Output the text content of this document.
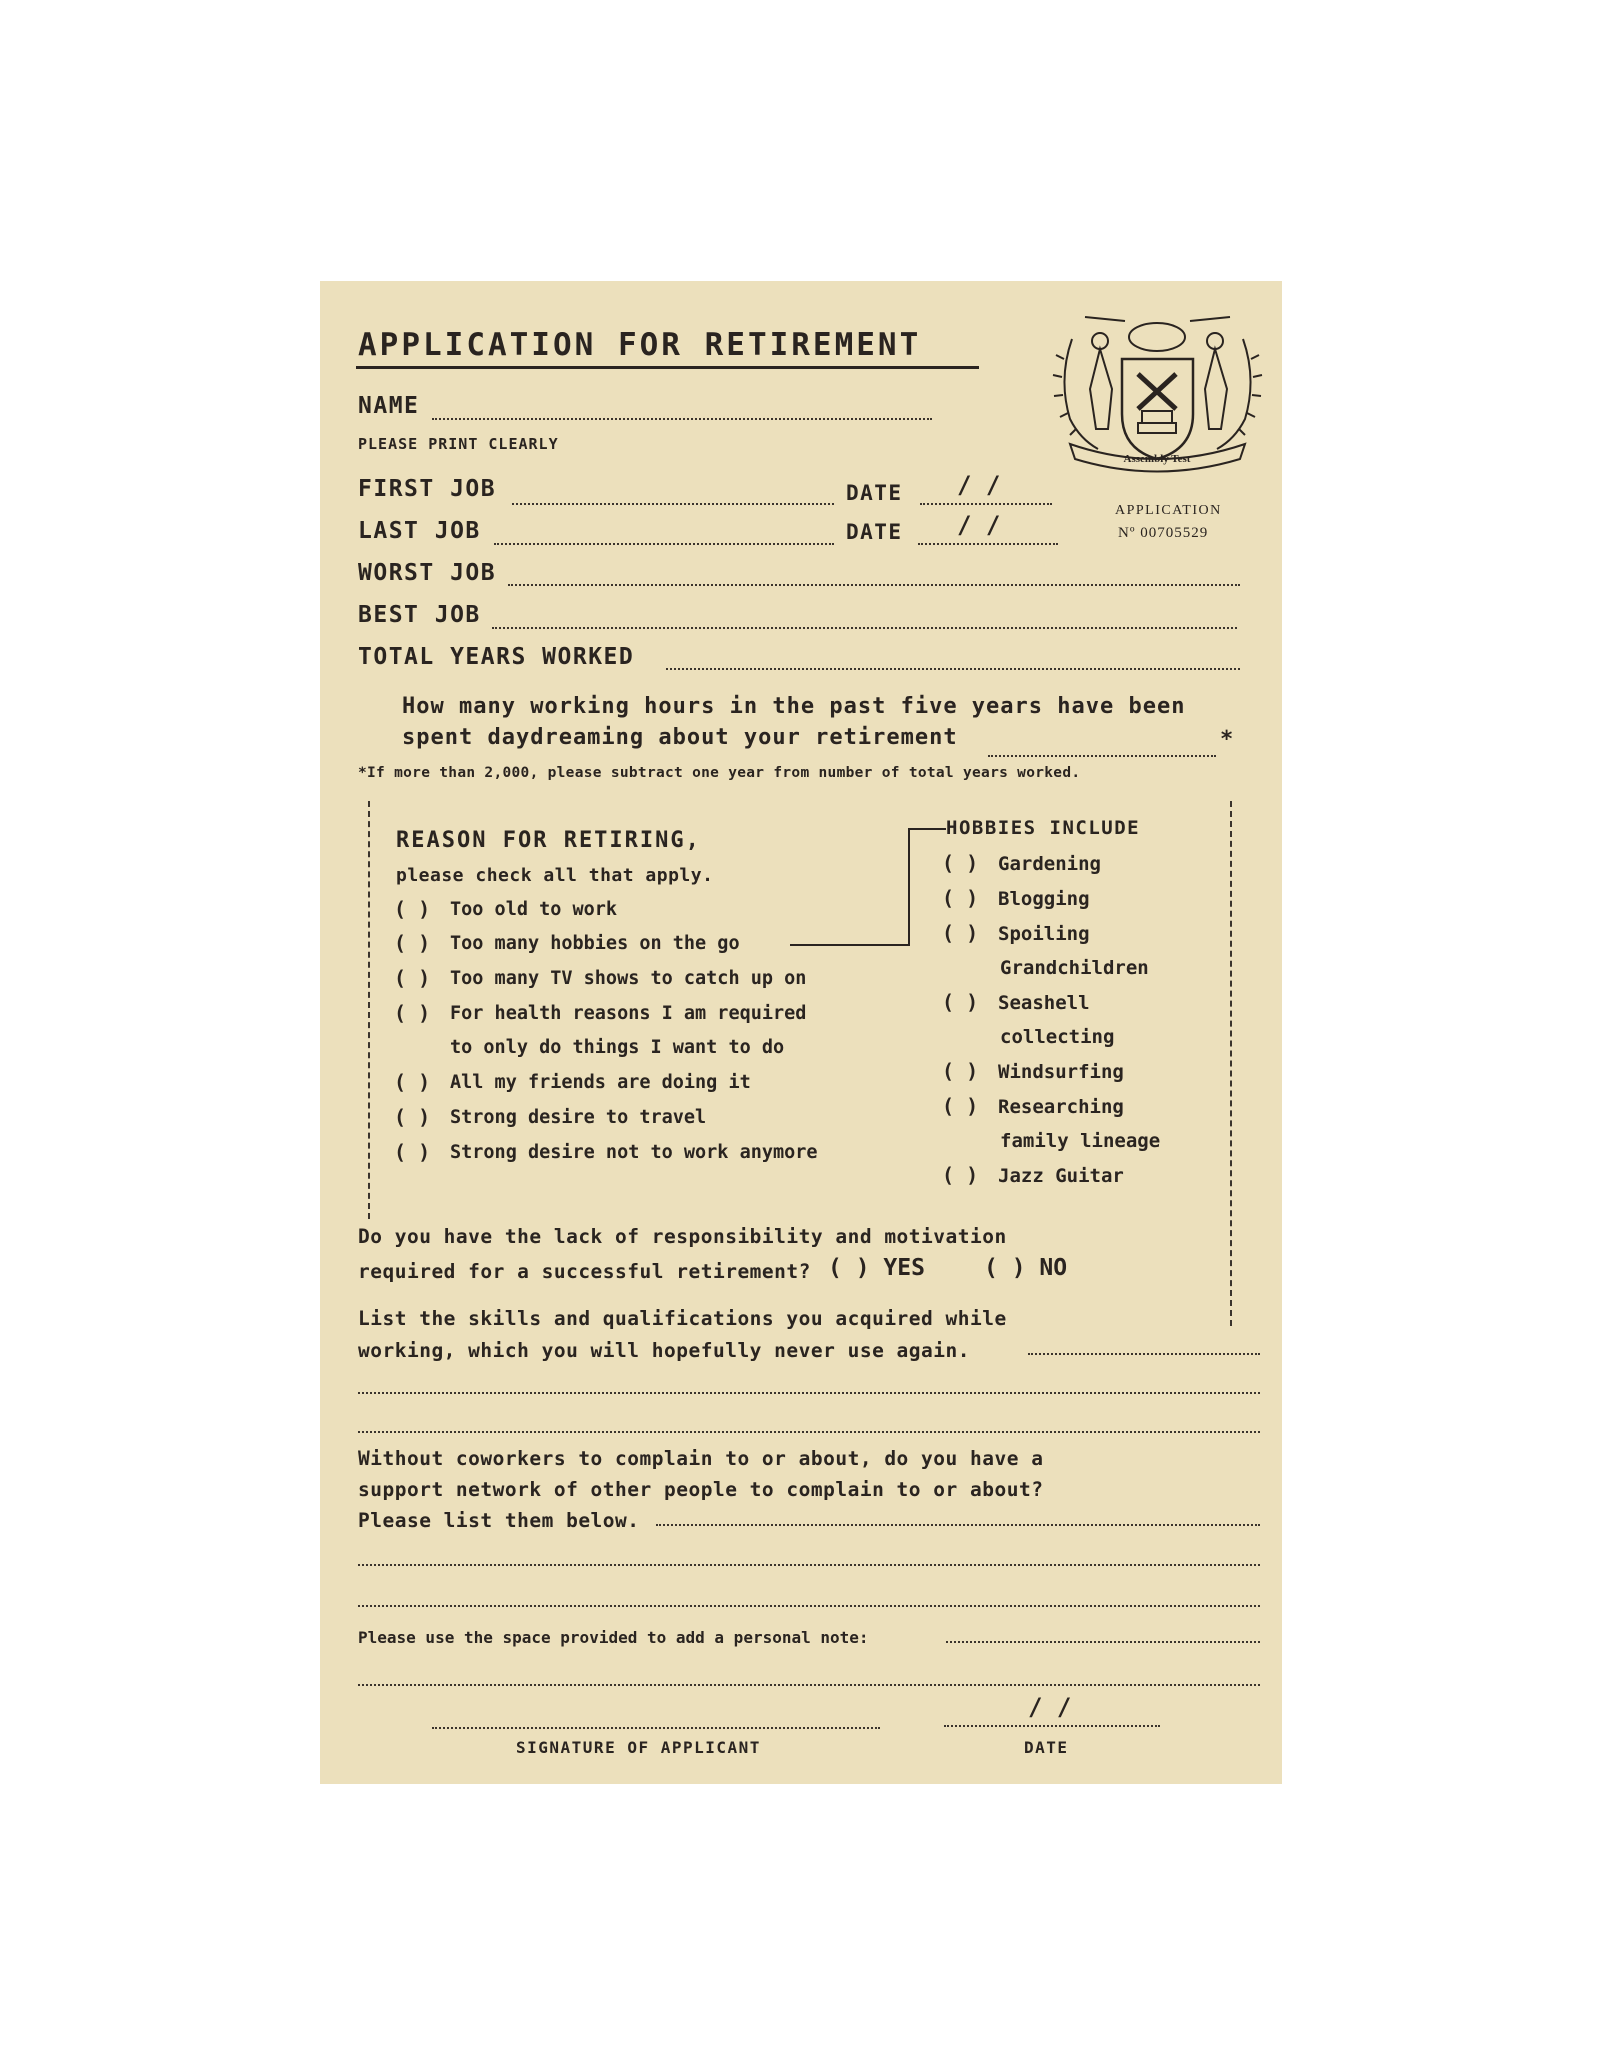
APPLICATION FOR RETIREMENT
Assembly Test
APPLICATION
Nº 00705529
NAME
PLEASE PRINT CLEARLY
FIRST JOB	DATE / /
LAST JOB	DATE / /
WORST JOB
BEST JOB
TOTAL YEARS WORKED
How many working hours in the past five years have been
spent daydreaming about your retirement	*
*If more than 2,000, please subtract one year from number of total years worked.
REASON FOR RETIRING,
please check all that apply.
( ) Too old to work
( ) Too many hobbies on the go
( ) Too many TV shows to catch up on
( ) For health reasons I am required
to only do things I want to do
( ) All my friends are doing it
( ) Strong desire to travel
( ) Strong desire not to work anymore
HOBBIES INCLUDE
( ) Gardening
( ) Blogging
( ) Spoiling
Grandchildren
( ) Seashell
collecting
( ) Windsurfing
( ) Researching
family lineage
( ) Jazz Guitar
Do you have the lack of responsibility and motivation
required for a successful retirement? ( ) YES	( ) NO
List the skills and qualifications you acquired while
working, which you will hopefully never use again.
Without coworkers to complain to or about, do you have a
support network of other people to complain to or about?
Please list them below.
Please use the space provided to add a personal note:
SIGNATURE OF APPLICANT
/ /
DATE
